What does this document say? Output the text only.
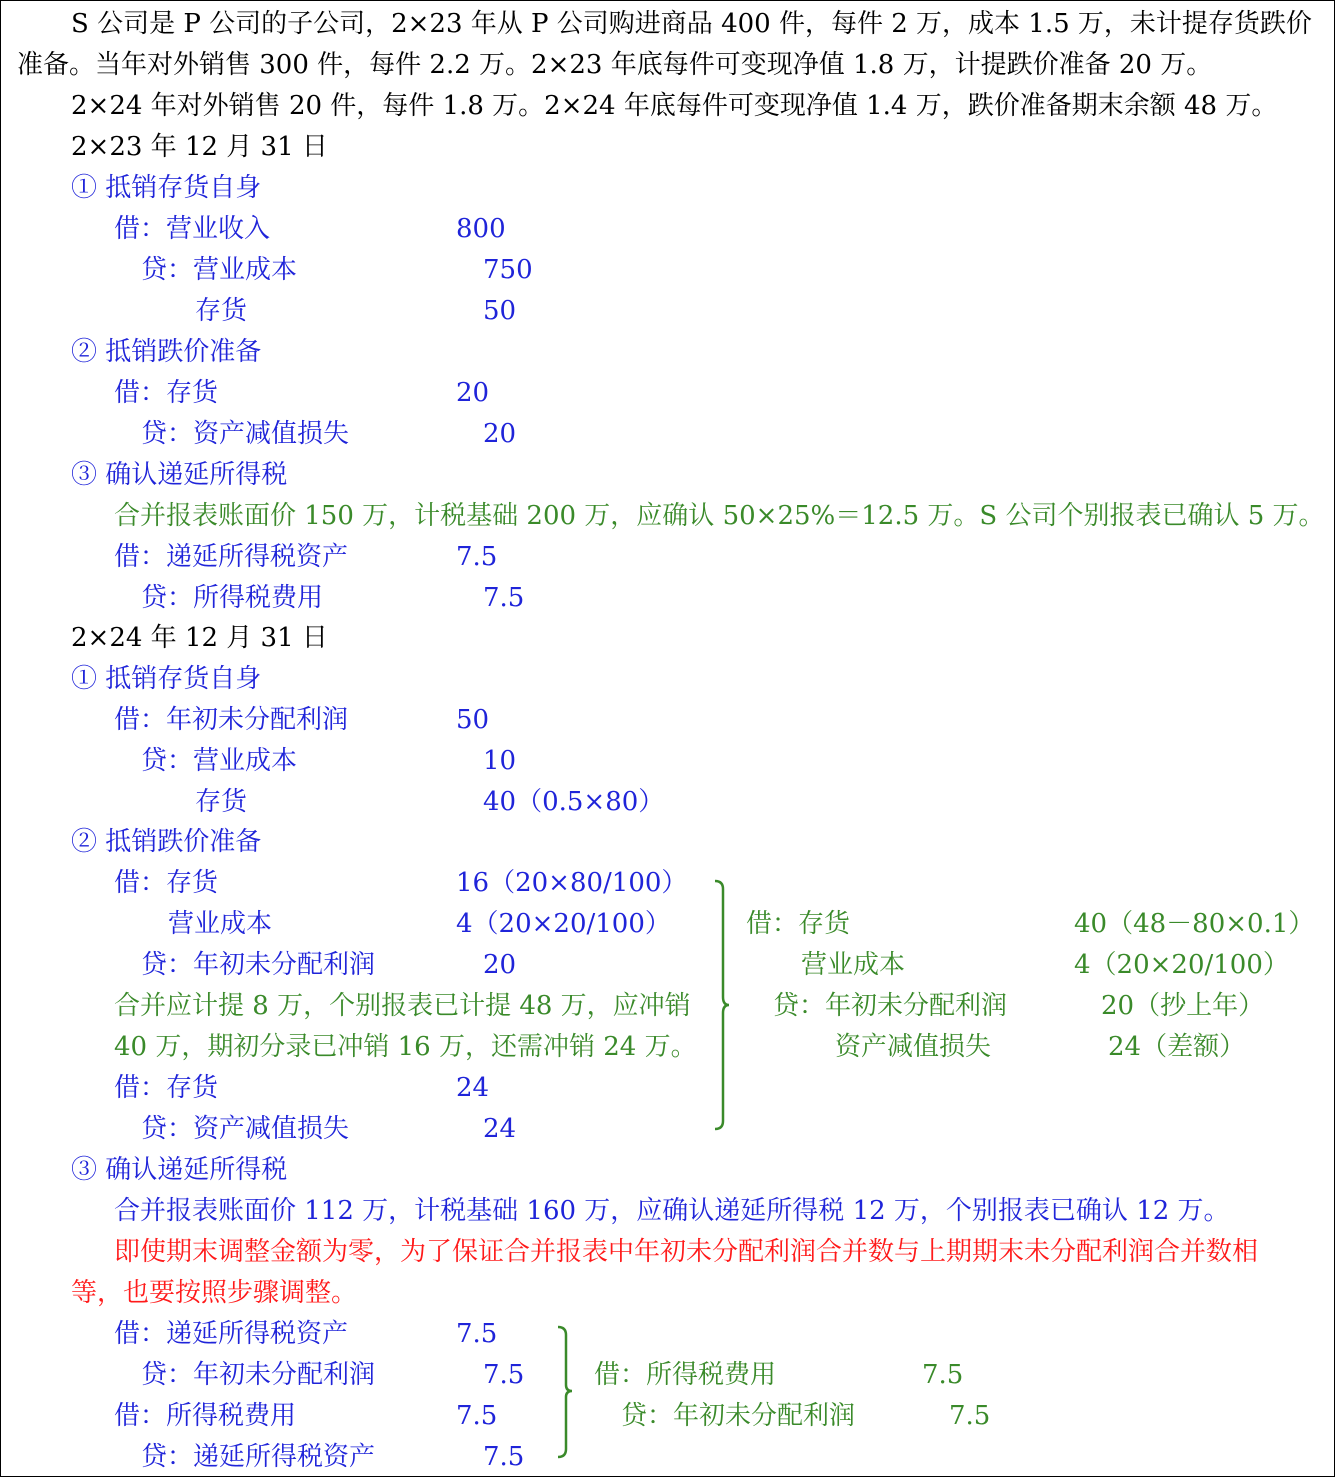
S 公司是 P 公司的子公司，2×23 年从 P 公司购进商品 400 件，每件 2 万，成本 1.5 万，未计提存货跌价
准备。当年对外销售 300 件，每件 2.2 万。2×23 年底每件可变现净值 1.8 万，计提跌价准备 20 万。
2×24 年对外销售 20 件，每件 1.8 万。2×24 年底每件可变现净值 1.4 万，跌价准备期末余额 48 万。
2×23 年 12 月 31 日
① 抵销存货自身
借：营业收入	800
贷：营业成本	750
存货	50
② 抵销跌价准备
借：存货	20
贷：资产减值损失	20
③ 确认递延所得税
合并报表账面价 150 万，计税基础 200 万，应确认 50×25%＝12.5 万。S 公司个别报表已确认 5 万。
借：递延所得税资产	7.5
贷：所得税费用	7.5
2×24 年 12 月 31 日
① 抵销存货自身
借：年初未分配利润	50
贷：营业成本	10
存货	40（0.5×80）
② 抵销跌价准备
借：存货	16（20×80/100）
营业成本	4（20×20/100）
贷：年初未分配利润	20
合并应计提 8 万，个别报表已计提 48 万，应冲销
40 万，期初分录已冲销 16 万，还需冲销 24 万。
借：存货	24
贷：资产减值损失	24
借：存货	40（48－80×0.1）
营业成本	4（20×20/100）
贷：年初未分配利润	20（抄上年）
资产减值损失	24（差额）
③ 确认递延所得税
合并报表账面价 112 万，计税基础 160 万，应确认递延所得税 12 万，个别报表已确认 12 万。
即使期末调整金额为零，为了保证合并报表中年初未分配利润合并数与上期期末未分配利润合并数相
等，也要按照步骤调整。
借：递延所得税资产	7.5
贷：年初未分配利润	7.5
借：所得税费用	7.5
贷：递延所得税资产	7.5
借：所得税费用	7.5
贷：年初未分配利润	7.5
